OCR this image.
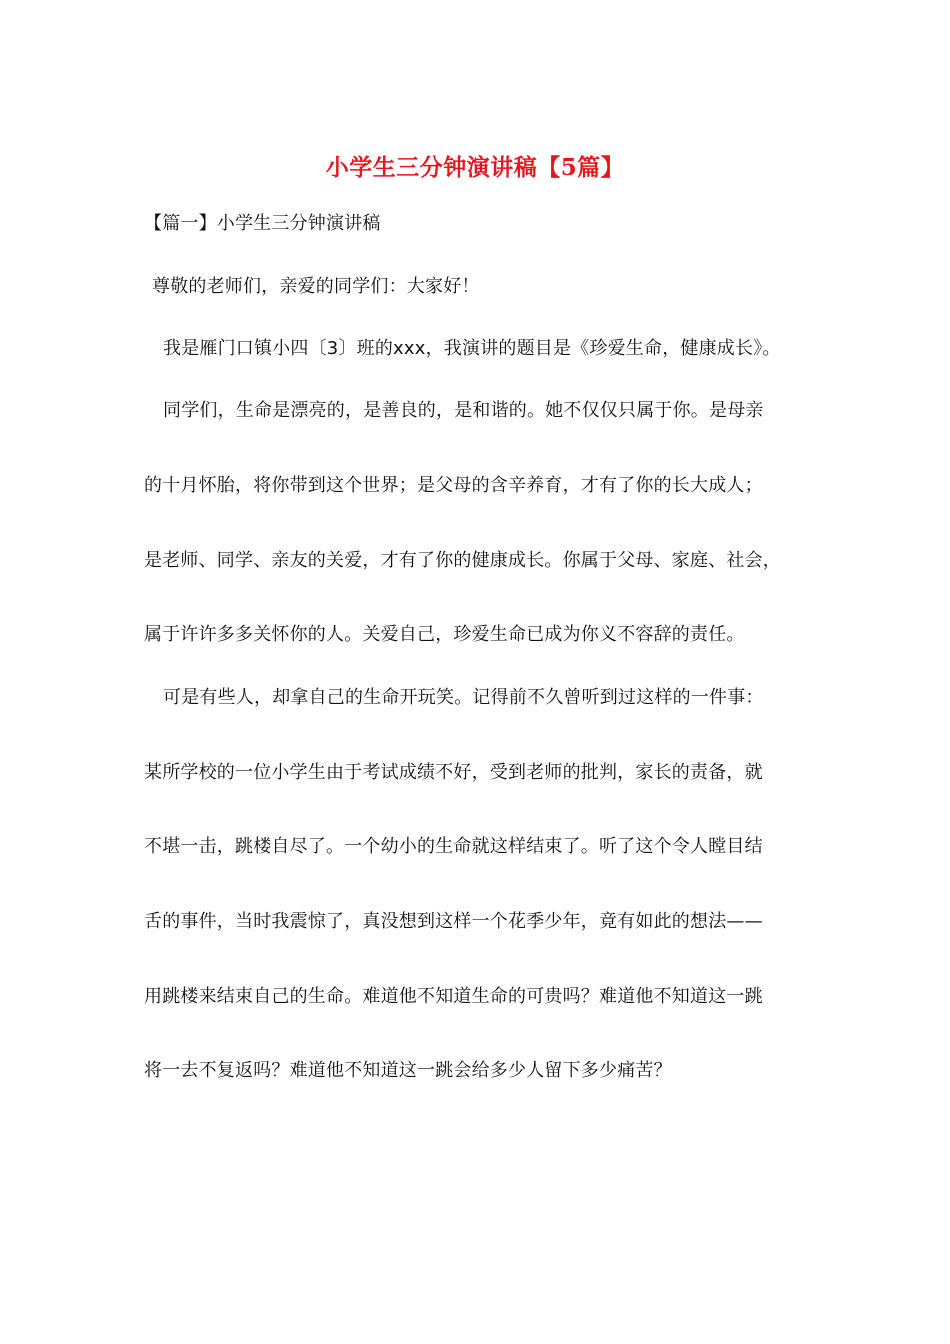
小学生三分钟演讲稿【5篇】
【篇一】小学生三分钟演讲稿
尊敬的老师们，亲爱的同学们：大家好！
我是雁门口镇小四〔3〕班的xxx，我演讲的题目是《珍爱生命，健康成长》。
同学们，生命是漂亮的，是善良的，是和谐的。她不仅仅只属于你。是母亲
的十月怀胎，将你带到这个世界；是父母的含辛养育，才有了你的长大成人；
是老师、同学、亲友的关爱，才有了你的健康成长。你属于父母、家庭、社会，
属于许许多多关怀你的人。关爱自己，珍爱生命已成为你义不容辞的责任。
可是有些人，却拿自己的生命开玩笑。记得前不久曾听到过这样的一件事：
某所学校的一位小学生由于考试成绩不好，受到老师的批判，家长的责备，就
不堪一击，跳楼自尽了。一个幼小的生命就这样结束了。听了这个令人瞠目结
舌的事件，当时我震惊了，真没想到这样一个花季少年，竟有如此的想法——
用跳楼来结束自己的生命。难道他不知道生命的可贵吗？难道他不知道这一跳
将一去不复返吗？难道他不知道这一跳会给多少人留下多少痛苦？
